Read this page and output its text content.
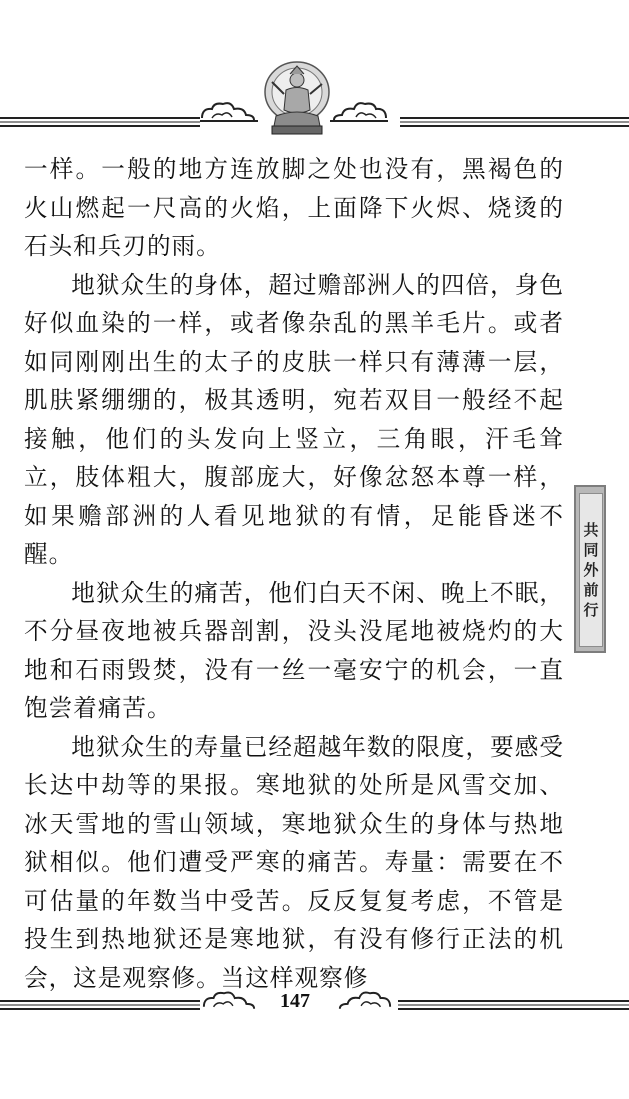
一样。一般的地方连放脚之处也没有，黑褐色的火山燃起一尺高的火焰，上面降下火烬、烧烫的石头和兵刃的雨。

地狱众生的身体，超过赡部洲人的四倍，身色好似血染的一样，或者像杂乱的黑羊毛片。或者如同刚刚出生的太子的皮肤一样只有薄薄一层，肌肤紧绷绷的，极其透明，宛若双目一般经不起接触，他们的头发向上竖立，三角眼，汗毛耸立，肢体粗大，腹部庞大，好像忿怒本尊一样，如果赡部洲的人看见地狱的有情，足能昏迷不醒。

地狱众生的痛苦，他们白天不闲、晚上不眠，不分昼夜地被兵器剖割，没头没尾地被烧灼的大地和石雨毁焚，没有一丝一毫安宁的机会，一直饱尝着痛苦。

地狱众生的寿量已经超越年数的限度，要感受长达中劫等的果报。寒地狱的处所是风雪交加、冰天雪地的雪山领域，寒地狱众生的身体与热地狱相似。他们遭受严寒的痛苦。寿量：需要在不可估量的年数当中受苦。反反复复考虑，不管是投生到热地狱还是寒地狱，有没有修行正法的机会，这是观察修。当这样观察修

共
同
外
前
行
147
